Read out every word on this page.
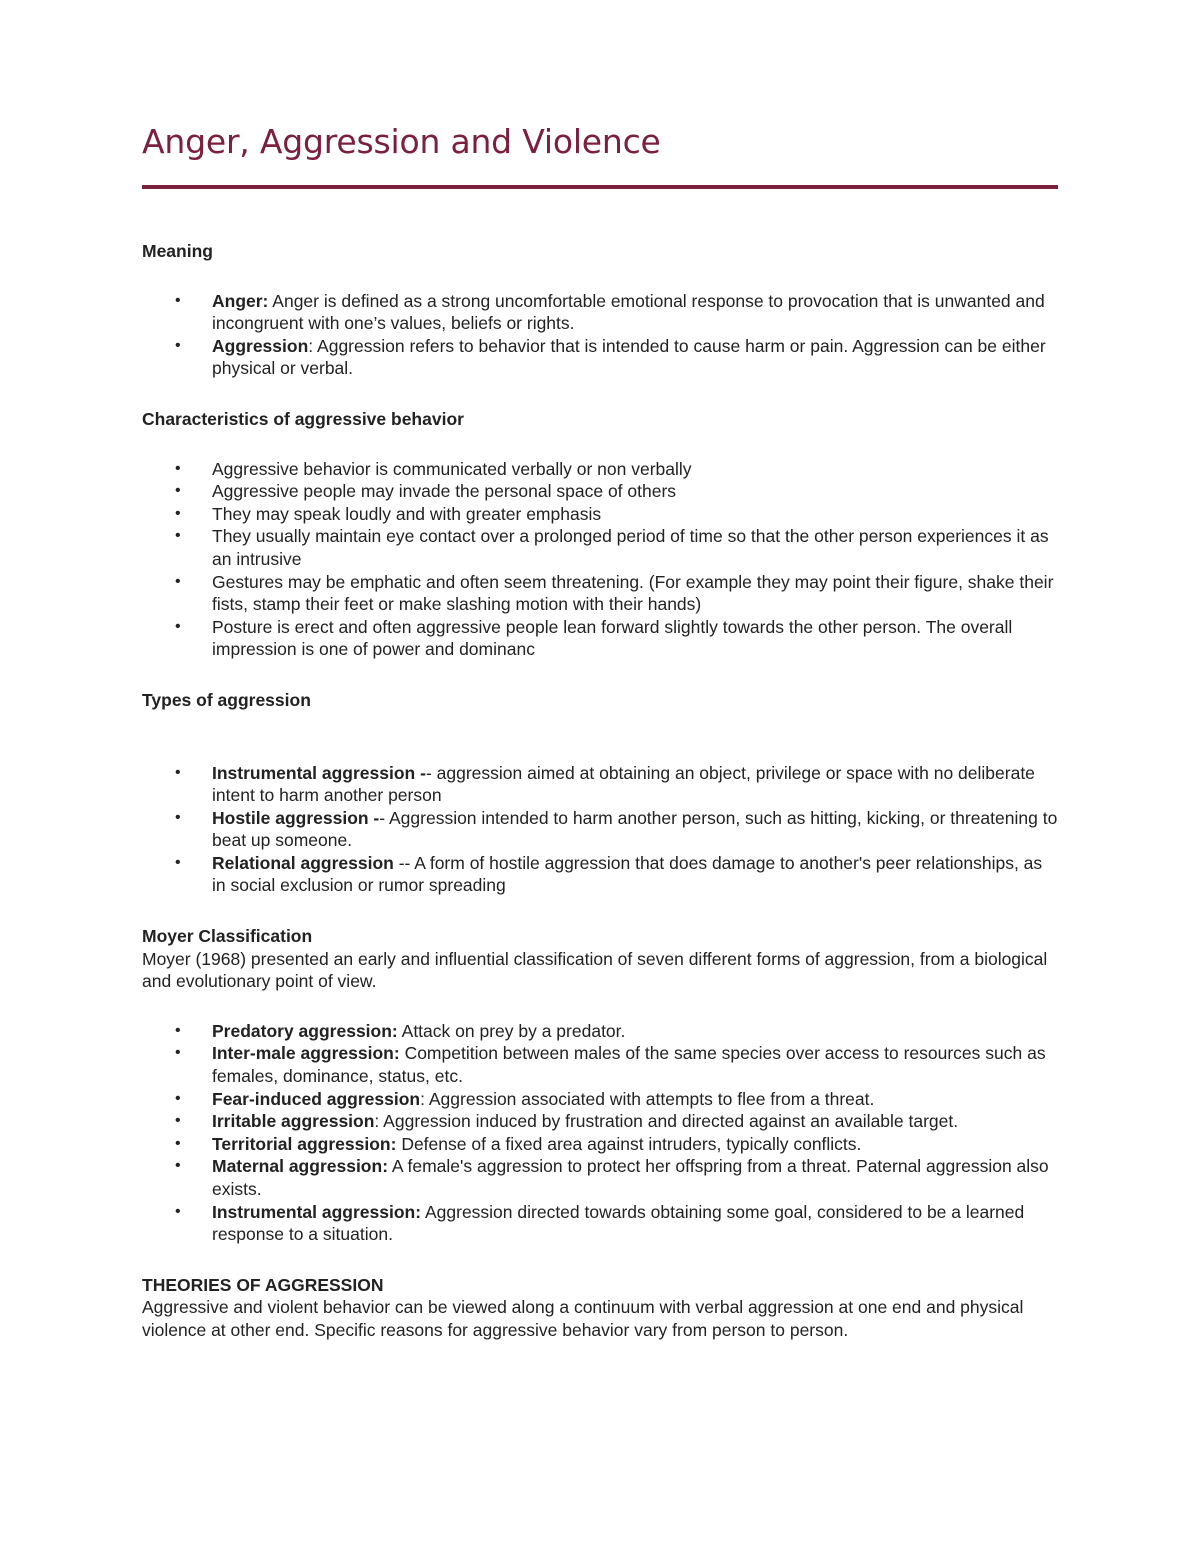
Anger, Aggression and Violence

Meaning

•	Anger: Anger is defined as a strong uncomfortable emotional response to provocation that is unwanted and incongruent with one’s values, beliefs or rights.
•	Aggression: Aggression refers to behavior that is intended to cause harm or pain. Aggression can be either physical or verbal.

Characteristics of aggressive behavior

•	Aggressive behavior is communicated verbally or non verbally
•	Aggressive people may invade the personal space of others
•	They may speak loudly and with greater emphasis
•	They usually maintain eye contact over a prolonged period of time so that the other person experiences it as an intrusive
•	Gestures may be emphatic and often seem threatening. (For example they may point their figure, shake their fists, stamp their feet or make slashing motion with their hands)
•	Posture is erect and often aggressive people lean forward slightly towards the other person. The overall impression is one of power and dominanc

Types of aggression

•	Instrumental aggression -- aggression aimed at obtaining an object, privilege or space with no deliberate intent to harm another person
•	Hostile aggression -- Aggression intended to harm another person, such as hitting, kicking, or threatening to beat up someone.
•	Relational aggression -- A form of hostile aggression that does damage to another's peer relationships, as in social exclusion or rumor spreading

Moyer Classification

Moyer (1968) presented an early and influential classification of seven different forms of aggression, from a biological and evolutionary point of view.

•	Predatory aggression: Attack on prey by a predator.
•	Inter-male aggression: Competition between males of the same species over access to resources such as females, dominance, status, etc.
•	Fear-induced aggression: Aggression associated with attempts to flee from a threat.
•	Irritable aggression: Aggression induced by frustration and directed against an available target.
•	Territorial aggression: Defense of a fixed area against intruders, typically conflicts.
•	Maternal aggression: A female's aggression to protect her offspring from a threat. Paternal aggression also exists.
•	Instrumental aggression: Aggression directed towards obtaining some goal, considered to be a learned response to a situation.

THEORIES OF AGGRESSION

Aggressive and violent behavior can be viewed along a continuum with verbal aggression at one end and physical violence at other end. Specific reasons for aggressive behavior vary from person to person.
